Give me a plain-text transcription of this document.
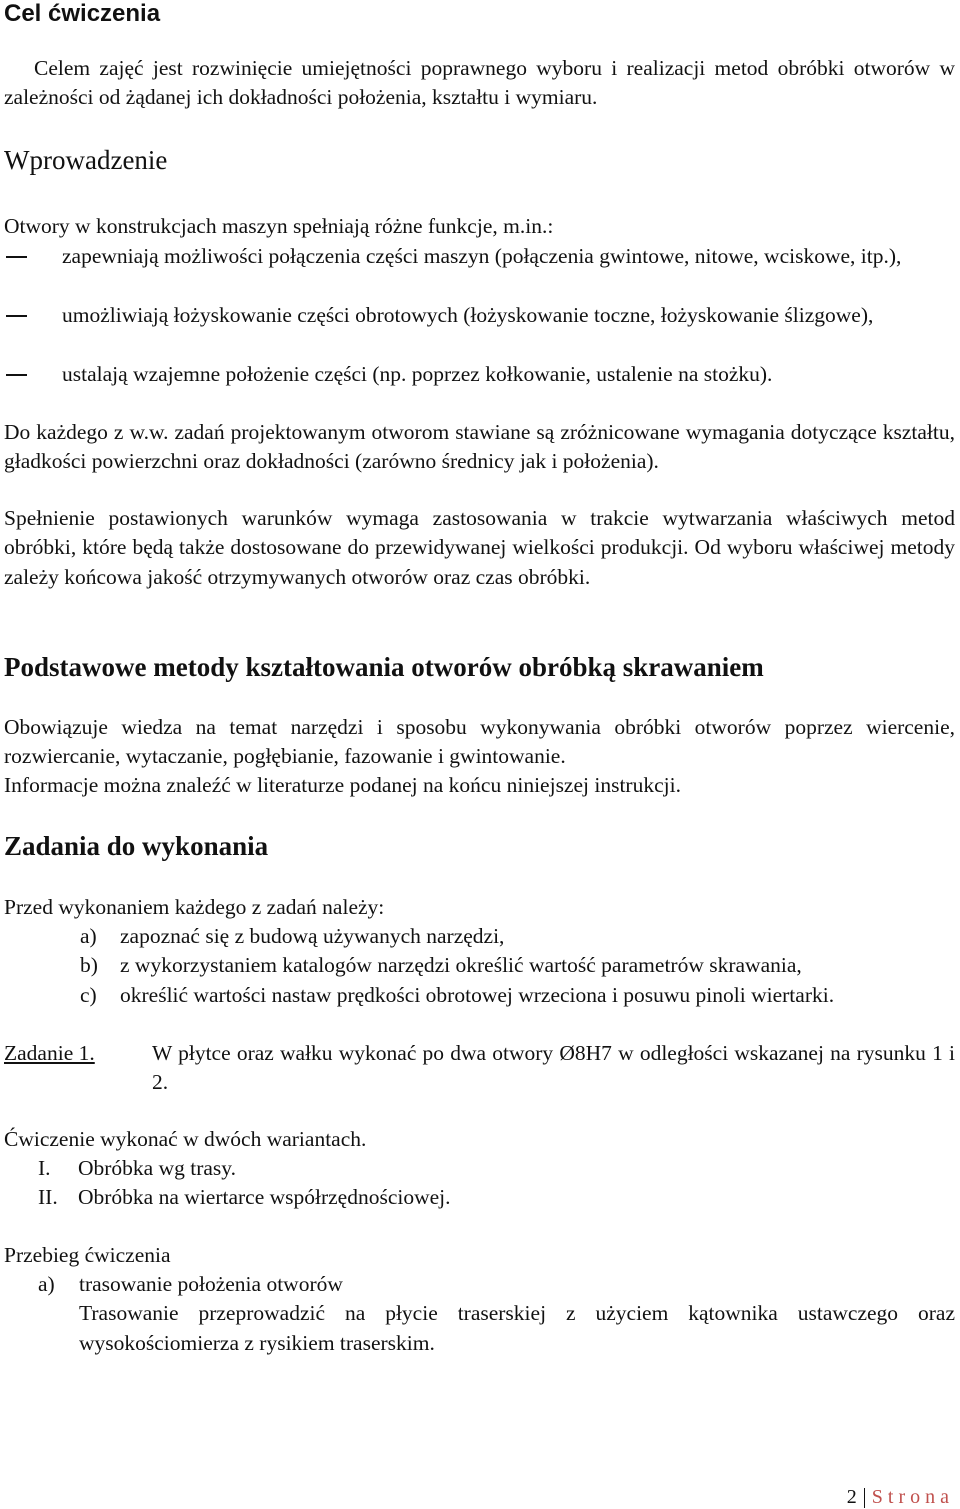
Cel ćwiczenia

Celem zajęć jest rozwinięcie umiejętności poprawnego wyboru i realizacji metod obróbki otworów w zależności od żądanej ich dokładności położenia, kształtu i wymiaru.

Wprowadzenie

Otwory w konstrukcjach maszyn spełniają różne funkcje, m.in.:

zapewniają możliwości połączenia części maszyn (połączenia gwintowe, nitowe, wciskowe, itp.),
umożliwiają łożyskowanie części obrotowych (łożyskowanie toczne, łożyskowanie ślizgowe),
ustalają wzajemne położenie części (np. poprzez kołkowanie, ustalenie na stożku).

Do każdego z w.w. zadań projektowanym otworom stawiane są zróżnicowane wymagania dotyczące kształtu, gładkości powierzchni oraz dokładności (zarówno średnicy jak i położenia).

Spełnienie postawionych warunków wymaga zastosowania w trakcie wytwarzania właściwych metod obróbki, które będą także dostosowane do przewidywanej wielkości produkcji. Od wyboru właściwej metody zależy końcowa jakość otrzymywanych otworów oraz czas obróbki.

Podstawowe metody kształtowania otworów obróbką skrawaniem

Obowiązuje wiedza na temat narzędzi i sposobu wykonywania obróbki otworów poprzez wiercenie, rozwiercanie, wytaczanie, pogłębianie, fazowanie i gwintowanie.

Informacje można znaleźć w literaturze podanej na końcu niniejszej instrukcji.

Zadania do wykonania

Przed wykonaniem każdego z zadań należy:

a) zapoznać się z budową używanych narzędzi,
b) z wykorzystaniem katalogów narzędzi określić wartość parametrów skrawania,
c) określić wartości nastaw prędkości obrotowej wrzeciona i posuwu pinoli wiertarki.
Zadanie 1.	W płytce oraz wałku wykonać po dwa otwory Ø8H7 w odległości wskazanej na rysunku 1 i 2.

Ćwiczenie wykonać w dwóch wariantach.

I. Obróbka wg trasy.
II. Obróbka na wiertarce współrzędnościowej.

Przebieg ćwiczenia

a) trasowanie położenia otworów
Trasowanie przeprowadzić na płycie traserskiej z użyciem kątownika ustawczego oraz wysokościomierza z rysikiem traserskim.
2 Strona
